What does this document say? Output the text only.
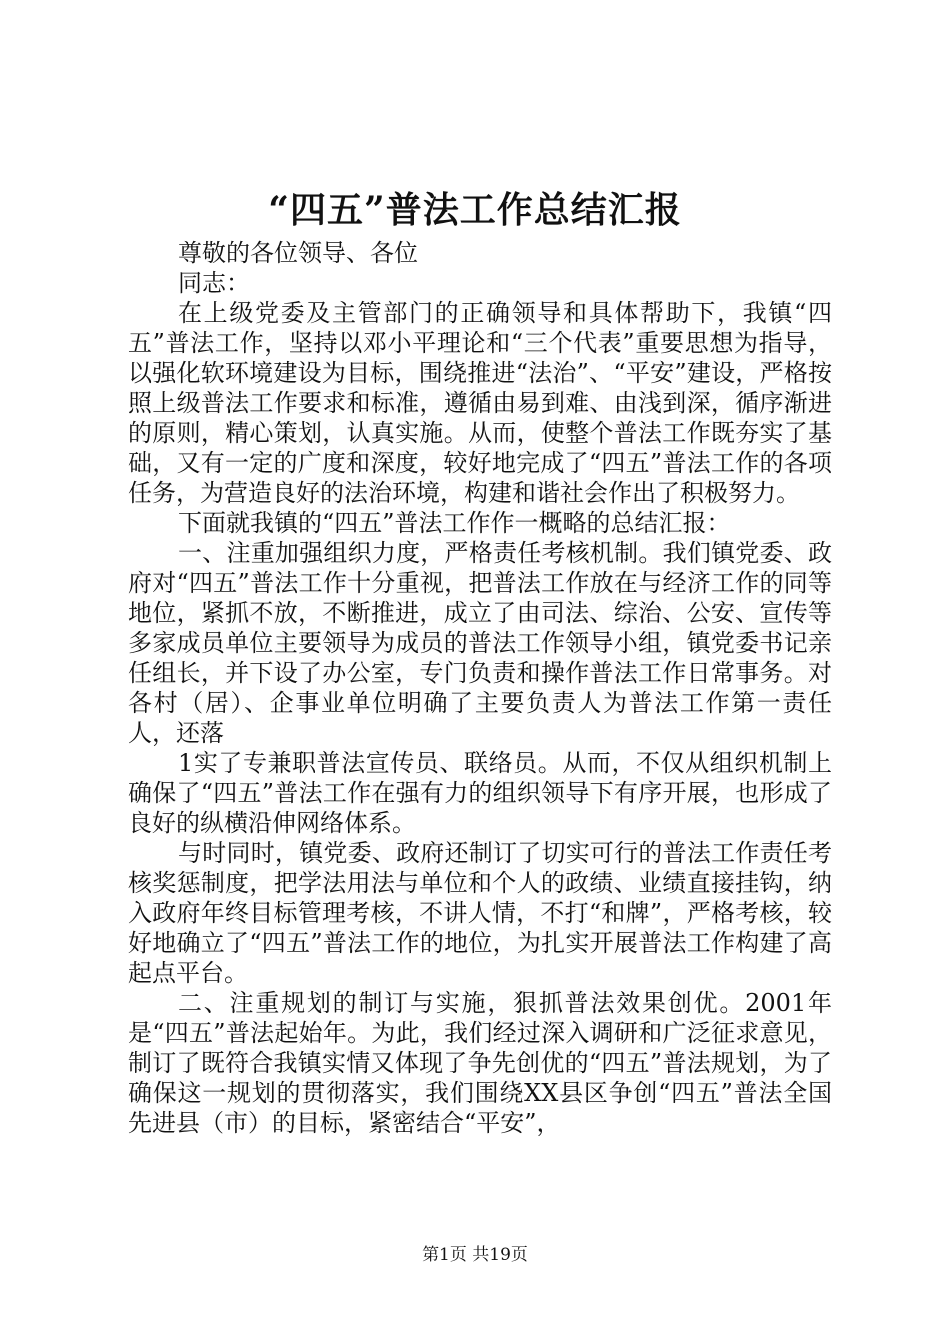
“四五”普法工作总结汇报

尊敬的各位领导、各位

同志：

在上级党委及主管部门的正确领导和具体帮助下，我镇“四五”普法工作，坚持以邓小平理论和“三个代表”重要思想为指导，以强化软环境建设为目标，围绕推进“法治”、“平安”建设，严格按照上级普法工作要求和标准，遵循由易到难、由浅到深，循序渐进的原则，精心策划，认真实施。从而，使整个普法工作既夯实了基础，又有一定的广度和深度，较好地完成了“四五”普法工作的各项任务，为营造良好的法治环境，构建和谐社会作出了积极努力。

下面就我镇的“四五”普法工作作一概略的总结汇报：

一、注重加强组织力度，严格责任考核机制。我们镇党委、政府对“四五”普法工作十分重视，把普法工作放在与经济工作的同等地位，紧抓不放，不断推进，成立了由司法、综治、公安、宣传等多家成员单位主要领导为成员的普法工作领导小组，镇党委书记亲任组长，并下设了办公室，专门负责和操作普法工作日常事务。对各村（居）、企事业单位明确了主要负责人为普法工作第一责任人，还落

1实了专兼职普法宣传员、联络员。从而，不仅从组织机制上确保了“四五”普法工作在强有力的组织领导下有序开展，也形成了良好的纵横沿伸网络体系。

与时同时，镇党委、政府还制订了切实可行的普法工作责任考核奖惩制度，把学法用法与单位和个人的政绩、业绩直接挂钩，纳入政府年终目标管理考核，不讲人情，不打“和牌”，严格考核，较好地确立了“四五”普法工作的地位，为扎实开展普法工作构建了高起点平台。

二、注重规划的制订与实施，狠抓普法效果创优。2001年是“四五”普法起始年。为此，我们经过深入调研和广泛征求意见，制订了既符合我镇实情又体现了争先创优的“四五”普法规划，为了确保这一规划的贯彻落实，我们围绕XX县区争创“四五”普法全国先进县（市）的目标，紧密结合“平安”，

第1页 共19页
